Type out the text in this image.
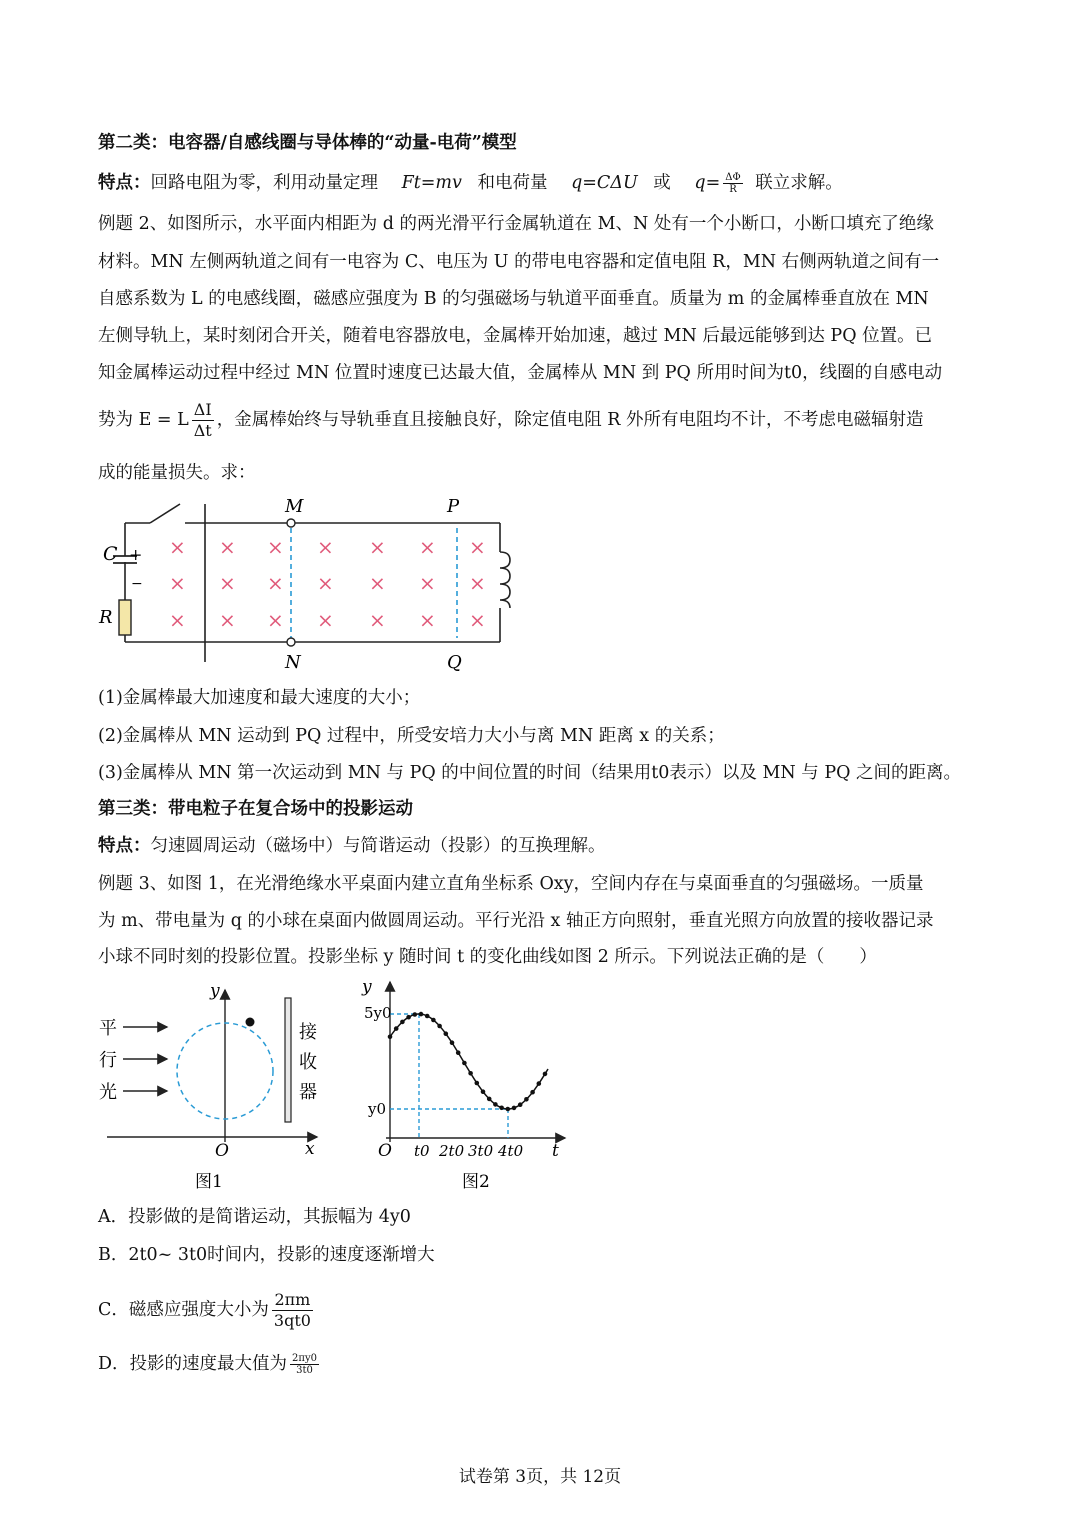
第二类：电容器/自感线圈与导体棒的“动量-电荷”模型
特点：回路电阻为零，利用动量定理 Ft=mv 和电荷量 q=CΔU 或 $q= \frac{\Delta\Phi}{R}$ 联立求解。
例题 2、如图所示，水平面内相距为 d 的两光滑平行金属轨道在 M、N 处有一个小断口，小断口填充了绝缘
材料。MN 左侧两轨道之间有一电容为 C、电压为 U 的带电电容器和定值电阻 R，MN 右侧两轨道之间有一
自感系数为 L 的电感线圈，磁感应强度为 B 的匀强磁场与轨道平面垂直。质量为 m 的金属棒垂直放在 MN
左侧导轨上，某时刻闭合开关，随着电容器放电，金属棒开始加速，越过 MN 后最远能够到达 PQ 位置。已
知金属棒运动过程中经过 MN 位置时速度已达最大值，金属棒从 MN 到 PQ 所用时间为t0，线圈的自感电动
势为 E = L $\frac{\Delta I}{\Delta t}$ ，金属棒始终与导轨垂直且接触良好，除定值电阻 R 外所有电阻均不计，不考虑电磁辐射造
成的能量损失。求：
M	P
N	Q
C +
−
R
× × × × × × ×
× × × × × × ×
× × × × × × ×
(1)金属棒最大加速度和最大速度的大小；
(2)金属棒从 MN 运动到 PQ 过程中，所受安培力大小与离 MN 距离 x 的关系；
(3)金属棒从 MN 第一次运动到 MN 与 PQ 的中间位置的时间（结果用t0表示）以及 MN 与 PQ 之间的距离。
第三类：带电粒子在复合场中的投影运动
特点：匀速圆周运动（磁场中）与简谐运动（投影）的互换理解。
例题 3、如图 1，在光滑绝缘水平桌面内建立直角坐标系 Oxy，空间内存在与桌面垂直的匀强磁场。一质量
为 m、带电量为 q 的小球在桌面内做圆周运动。平行光沿 x 轴正方向照射，垂直光照方向放置的接收器记录
小球不同时刻的投影位置。投影坐标 y 随时间 t 的变化曲线如图 2 所示。下列说法正确的是（　　）
平
行
光
接
收
器
y
x
O
图1
y
t
O
5y0
y0
t0 2t0 3t0 4t0
图2
A．投影做的是简谐运动，其振幅为 4y0
B．2t0~ 3t0时间内，投影的速度逐渐增大
C．磁感应强度大小为 $\frac{2\pi m}{3qt0}$
D．投影的速度最大值为 $\frac{2\pi y0}{3t0}$
试卷第 3页，共 12页
